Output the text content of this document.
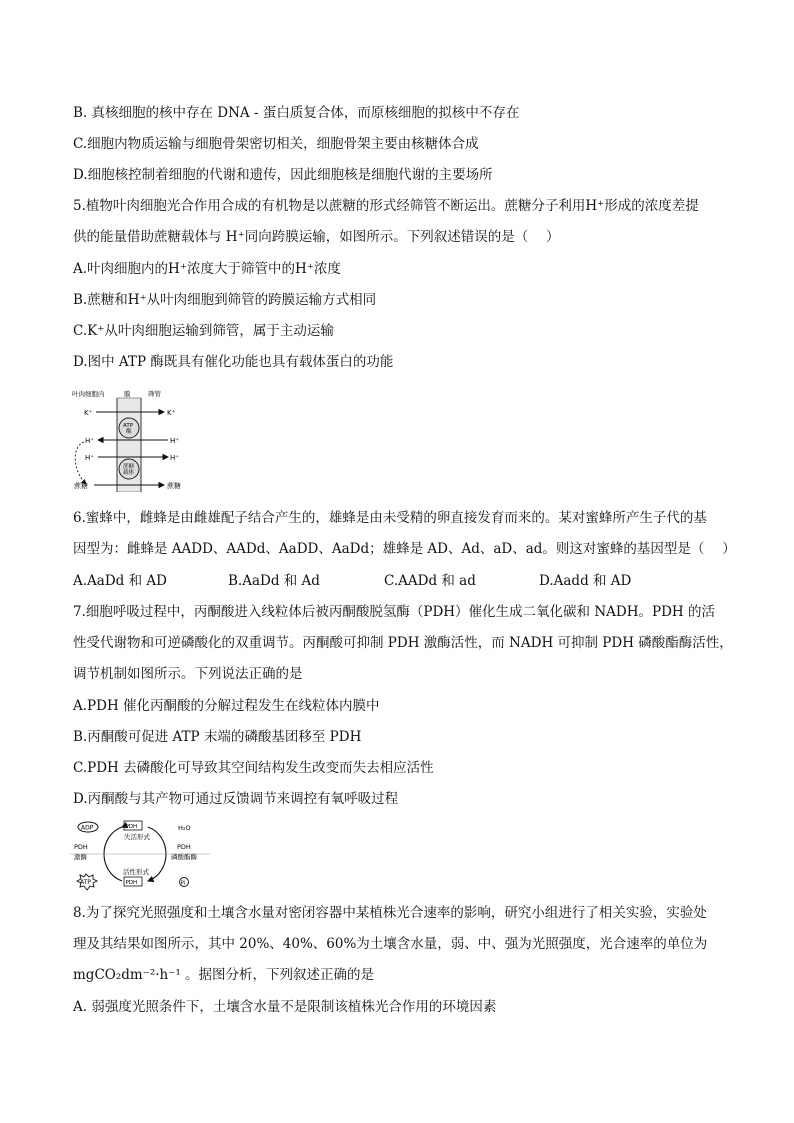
B. 真核细胞的核中存在 DNA - 蛋白质复合体，而原核细胞的拟核中不存在
C.细胞内物质运输与细胞骨架密切相关，细胞骨架主要由核糖体合成
D.细胞核控制着细胞的代谢和遗传，因此细胞核是细胞代谢的主要场所
5.植物叶肉细胞光合作用合成的有机物是以蔗糖的形式经筛管不断运出。蔗糖分子利用H⁺形成的浓度差提
供的能量借助蔗糖载体与 H⁺同向跨膜运输，如图所示。下列叙述错误的是（　 ）
A.叶肉细胞内的H⁺浓度大于筛管中的H⁺浓度
B.蔗糖和H⁺从叶肉细胞到筛管的跨膜运输方式相同
C.K⁺从叶肉细胞运输到筛管，属于主动运输
D.图中 ATP 酶既具有催化功能也具有载体蛋白的功能
叶肉细胞内	膜	筛管
K⁺	K⁺
ATP
酶
H⁺	H⁺
H⁺	H⁺
蔗糖
载体
蔗糖	蔗糖
6.蜜蜂中，雌蜂是由雌雄配子结合产生的，雄蜂是由未受精的卵直接发育而来的。某对蜜蜂所产生子代的基
因型为：雌蜂是 AADD、AADd、AaDD、AaDd；雄蜂是 AD、Ad、aD、ad。则这对蜜蜂的基因型是（　 ）
A.AaDd 和 AD	B.AaDd 和 Ad	C.AADd 和 ad	D.Aadd 和 AD
7.细胞呼吸过程中，丙酮酸进入线粒体后被丙酮酸脱氢酶（PDH）催化生成二氧化碳和 NADH。PDH 的活
性受代谢物和可逆磷酸化的双重调节。丙酮酸可抑制 PDH 激酶活性，而 NADH 可抑制 PDH 磷酸酯酶活性，
调节机制如图所示。下列说法正确的是
A.PDH 催化丙酮酸的分解过程发生在线粒体内膜中
B.丙酮酸可促进 ATP 末端的磷酸基团移至 PDH
C.PDH 去磷酸化可导致其空间结构发生改变而失去相应活性
D.丙酮酸与其产物可通过反馈调节来调控有氧呼吸过程
ADP	PDH
失活形式
PDH
激酶
PDH
磷酸酯酶
H₂O
活性形式
PDH
ATP	Pi
8.为了探究光照强度和土壤含水量对密闭容器中某植株光合速率的影响，研究小组进行了相关实验，实验处
理及其结果如图所示，其中 20%、40%、60%为土壤含水量，弱、中、强为光照强度，光合速率的单位为
mgCO₂dm⁻²·h⁻¹ 。据图分析，下列叙述正确的是
A. 弱强度光照条件下，土壤含水量不是限制该植株光合作用的环境因素
